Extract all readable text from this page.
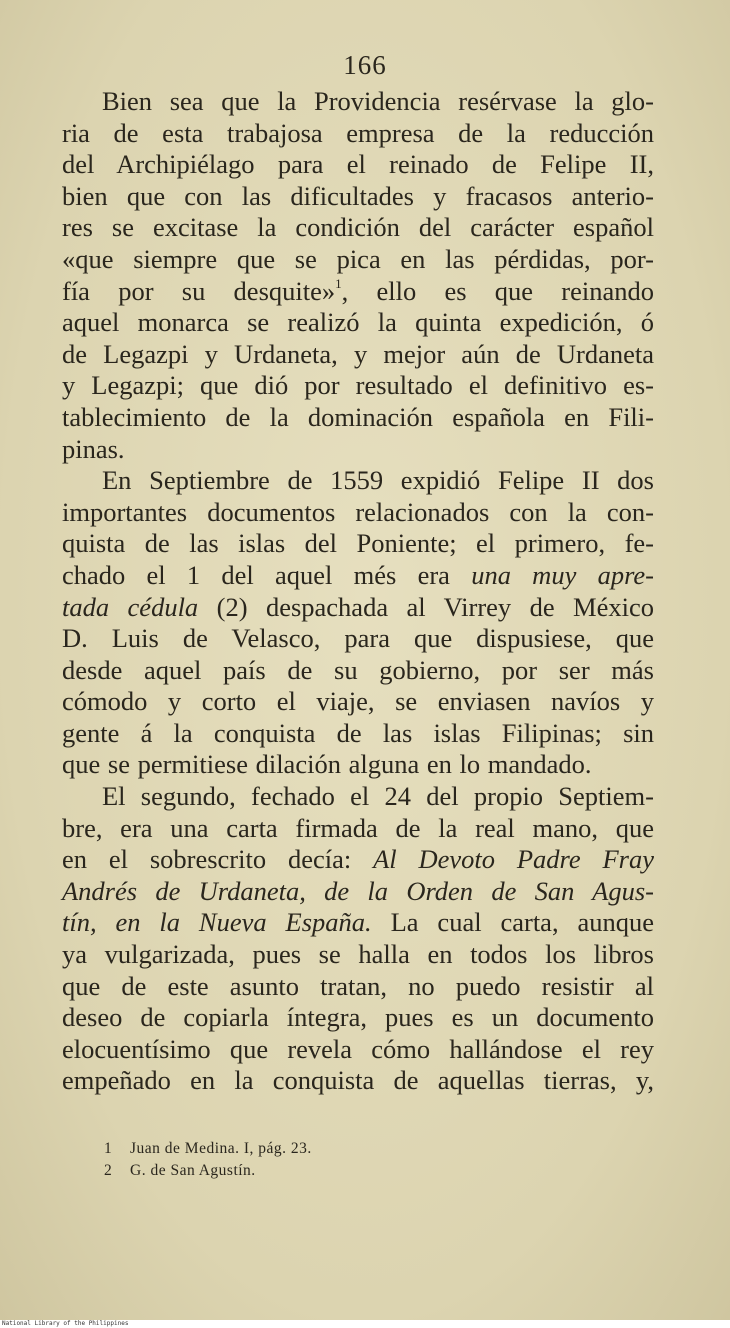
166
Bien sea que la Providencia resérvase la glo-
ria de esta trabajosa empresa de la reducción
del Archipiélago para el reinado de Felipe II,
bien que con las dificultades y fracasos anterio-
res se excitase la condición del carácter español
«que siempre que se pica en las pérdidas, por-
fía por su desquite»$^1$, ello es que reinando
aquel monarca se realizó la quinta expedición, ó
de Legazpi y Urdaneta, y mejor aún de Urdaneta
y Legazpi; que dió por resultado el definitivo es-
tablecimiento de la dominación española en Fili-
pinas.
En Septiembre de 1559 expidió Felipe II dos
importantes documentos relacionados con la con-
quista de las islas del Poniente; el primero, fe-
chado el 1 del aquel més era una muy apre-
tada cédula (2) despachada al Virrey de México
D. Luis de Velasco, para que dispusiese, que
desde aquel país de su gobierno, por ser más
cómodo y corto el viaje, se enviasen navíos y
gente á la conquista de las islas Filipinas; sin
que se permitiese dilación alguna en lo mandado.
El segundo, fechado el 24 del propio Septiem-
bre, era una carta firmada de la real mano, que
en el sobrescrito decía: Al Devoto Padre Fray
Andrés de Urdaneta, de la Orden de San Agus-
tín, en la Nueva España. La cual carta, aunque
ya vulgarizada, pues se halla en todos los libros
que de este asunto tratan, no puedo resistir al
deseo de copiarla íntegra, pues es un documento
elocuentísimo que revela cómo hallándose el rey
empeñado en la conquista de aquellas tierras, y,
1 Juan de Medina. I, pág. 23.
2 G. de San Agustín.
National Library of the Philippines
